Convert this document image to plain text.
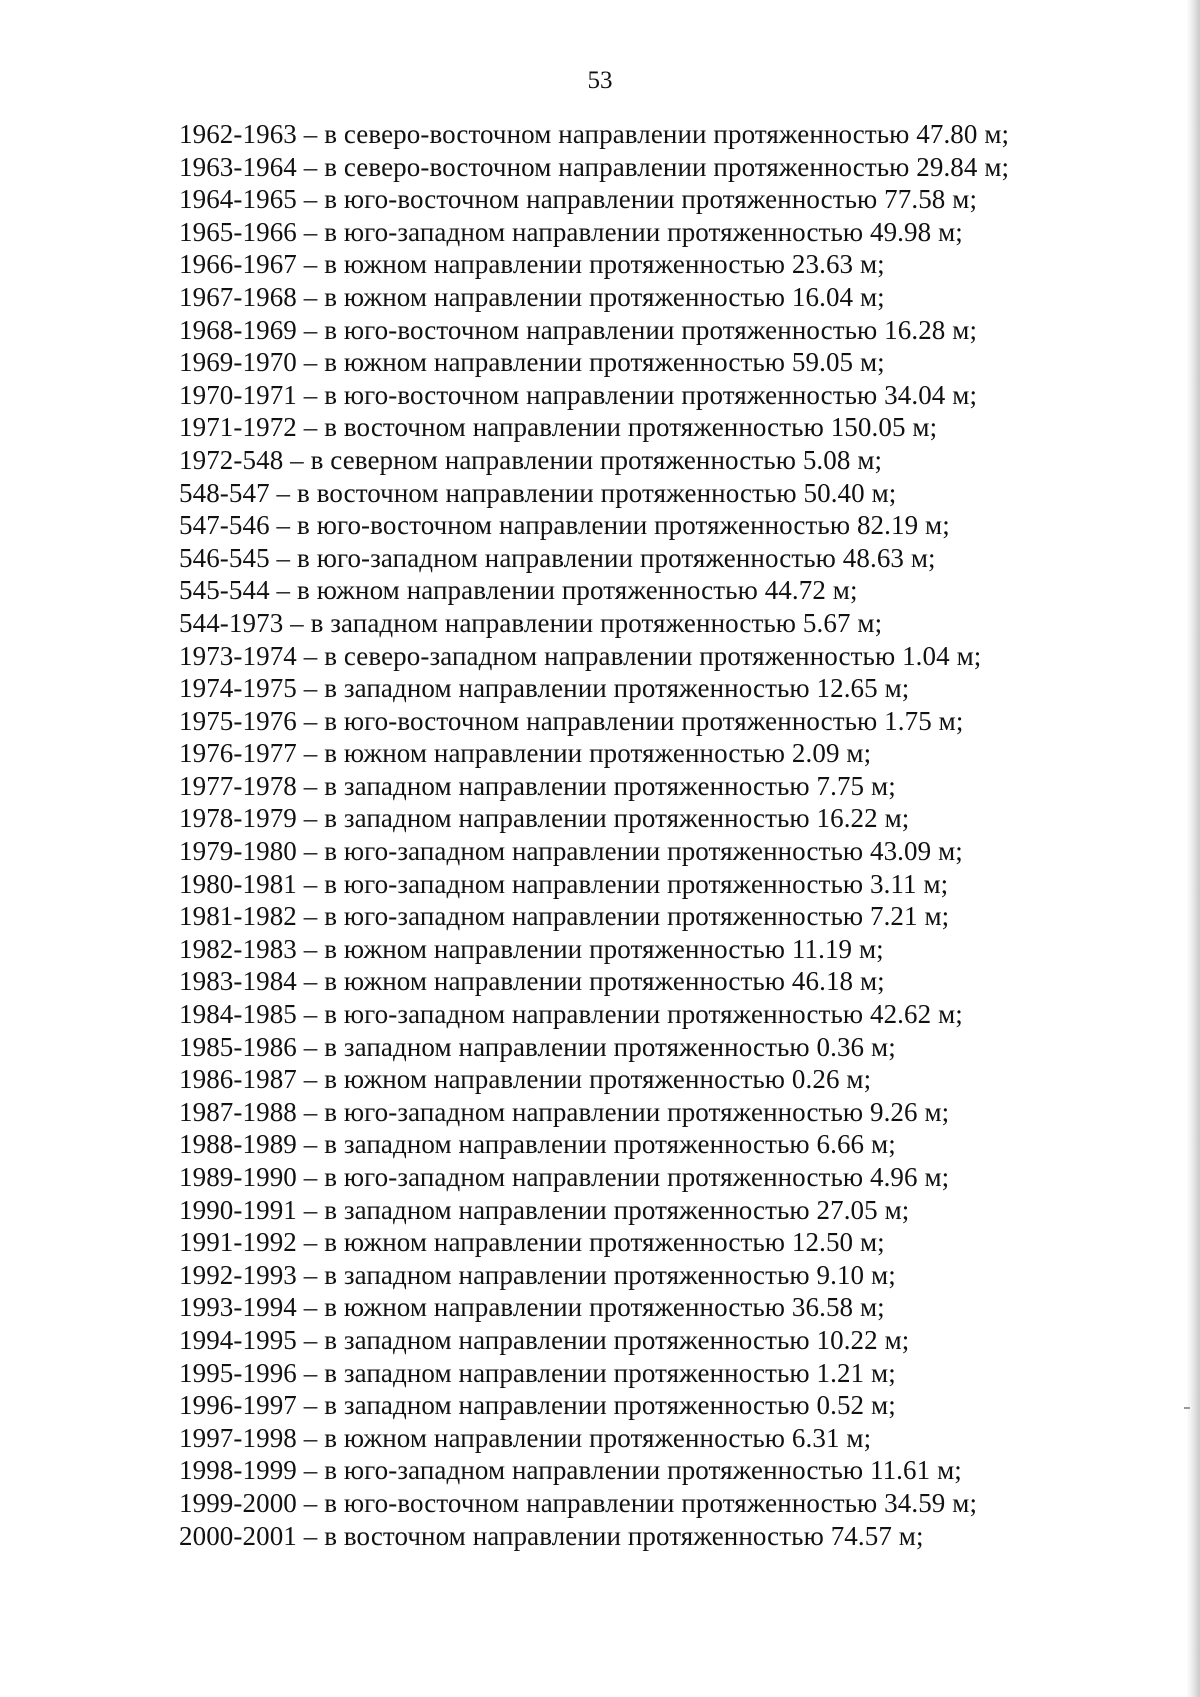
53
1962-1963 – в северо-восточном направлении протяженностью 47.80 м;
1963-1964 – в северо-восточном направлении протяженностью 29.84 м;
1964-1965 – в юго-восточном направлении протяженностью 77.58 м;
1965-1966 – в юго-западном направлении протяженностью 49.98 м;
1966-1967 – в южном направлении протяженностью 23.63 м;
1967-1968 – в южном направлении протяженностью 16.04 м;
1968-1969 – в юго-восточном направлении протяженностью 16.28 м;
1969-1970 – в южном направлении протяженностью 59.05 м;
1970-1971 – в юго-восточном направлении протяженностью 34.04 м;
1971-1972 – в восточном направлении протяженностью 150.05 м;
1972-548 – в северном направлении протяженностью 5.08 м;
548-547 – в восточном направлении протяженностью 50.40 м;
547-546 – в юго-восточном направлении протяженностью 82.19 м;
546-545 – в юго-западном направлении протяженностью 48.63 м;
545-544 – в южном направлении протяженностью 44.72 м;
544-1973 – в западном направлении протяженностью 5.67 м;
1973-1974 – в северо-западном направлении протяженностью 1.04 м;
1974-1975 – в западном направлении протяженностью 12.65 м;
1975-1976 – в юго-восточном направлении протяженностью 1.75 м;
1976-1977 – в южном направлении протяженностью 2.09 м;
1977-1978 – в западном направлении протяженностью 7.75 м;
1978-1979 – в западном направлении протяженностью 16.22 м;
1979-1980 – в юго-западном направлении протяженностью 43.09 м;
1980-1981 – в юго-западном направлении протяженностью 3.11 м;
1981-1982 – в юго-западном направлении протяженностью 7.21 м;
1982-1983 – в южном направлении протяженностью 11.19 м;
1983-1984 – в южном направлении протяженностью 46.18 м;
1984-1985 – в юго-западном направлении протяженностью 42.62 м;
1985-1986 – в западном направлении протяженностью 0.36 м;
1986-1987 – в южном направлении протяженностью 0.26 м;
1987-1988 – в юго-западном направлении протяженностью 9.26 м;
1988-1989 – в западном направлении протяженностью 6.66 м;
1989-1990 – в юго-западном направлении протяженностью 4.96 м;
1990-1991 – в западном направлении протяженностью 27.05 м;
1991-1992 – в южном направлении протяженностью 12.50 м;
1992-1993 – в западном направлении протяженностью 9.10 м;
1993-1994 – в южном направлении протяженностью 36.58 м;
1994-1995 – в западном направлении протяженностью 10.22 м;
1995-1996 – в западном направлении протяженностью 1.21 м;
1996-1997 – в западном направлении протяженностью 0.52 м;
1997-1998 – в южном направлении протяженностью 6.31 м;
1998-1999 – в юго-западном направлении протяженностью 11.61 м;
1999-2000 – в юго-восточном направлении протяженностью 34.59 м;
2000-2001 – в восточном направлении протяженностью 74.57 м;
